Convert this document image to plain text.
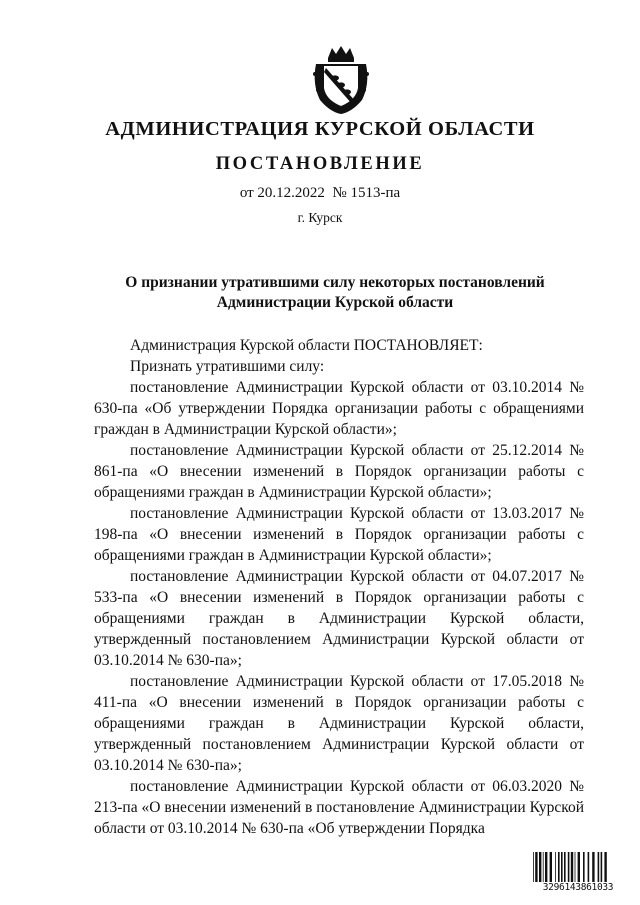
АДМИНИСТРАЦИЯ КУРСКОЙ ОБЛАСТИ
ПОСТАНОВЛЕНИЕ

от 20.12.2022  № 1513-па

г. Курск

О признании утратившими силу некоторых постановлений
Администрации Курской области

Администрация Курской области ПОСТАНОВЛЯЕТ:

Признать утратившими силу:

постановление Администрации Курской области от 03.10.2014 № 630-па «Об утверждении Порядка организации работы с обращениями граждан в Администрации Курской области»;

постановление Администрации Курской области от 25.12.2014 № 861-па «О внесении изменений в Порядок организации работы с обращениями граждан в Администрации Курской области»;

постановление Администрации Курской области от 13.03.2017 № 198-па «О внесении изменений в Порядок организации работы с обращениями граждан в Администрации Курской области»;

постановление Администрации Курской области от 04.07.2017 № 533-па «О внесении изменений в Порядок организации работы с обращениями граждан в Администрации Курской области, утвержденный постановлением Администрации Курской области от 03.10.2014 № 630-па»;

постановление Администрации Курской области от 17.05.2018 № 411-па «О внесении изменений в Порядок организации работы с обращениями граждан в Администрации Курской области, утвержденный постановлением Администрации Курской области от 03.10.2014 № 630-па»;

постановление Администрации Курской области от 06.03.2020 № 213-па «О внесении изменений в постановление Администрации Курской области от 03.10.2014 № 630-па «Об утверждении Порядка

3296143861033
